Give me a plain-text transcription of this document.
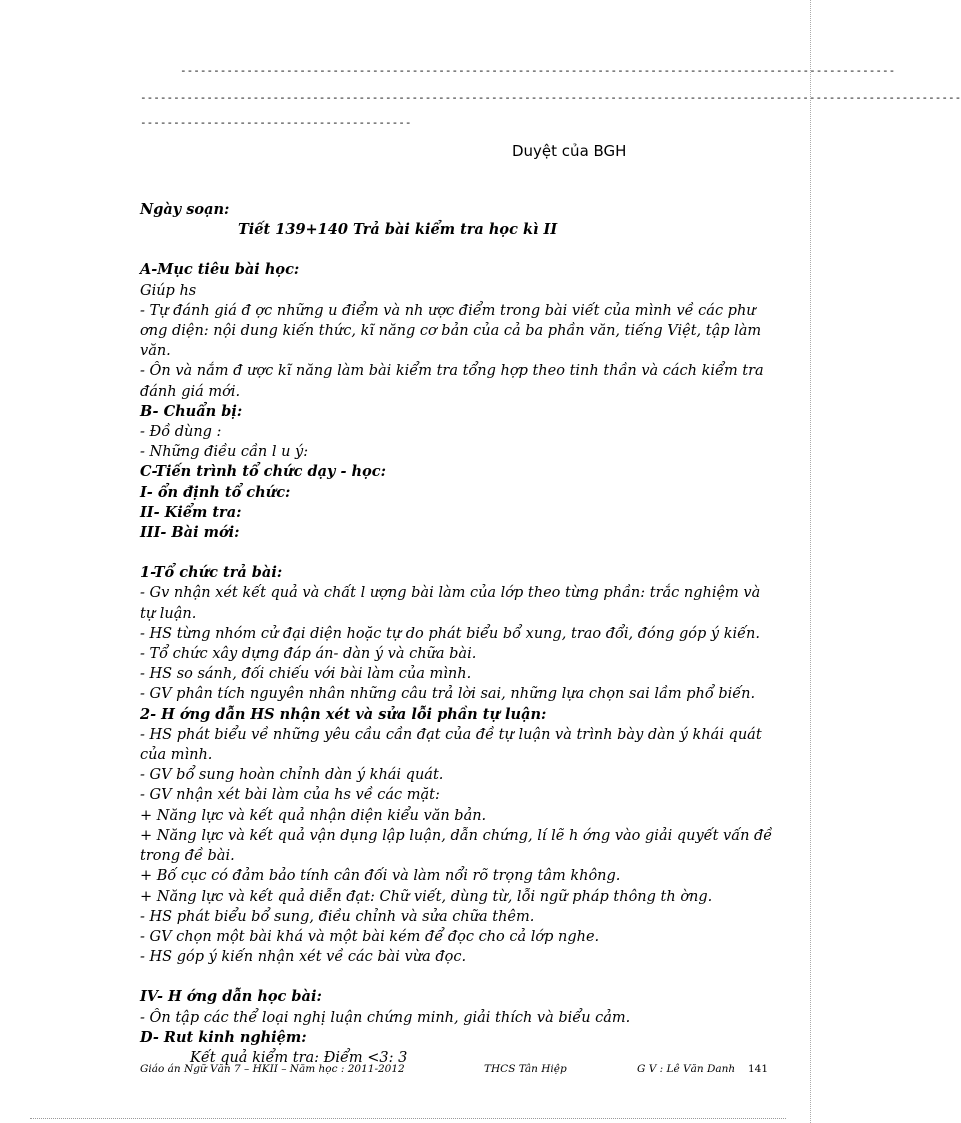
------------------------------------------------------------------------------------------------------------
----------------------------------------------------------------------------------------------------------------------------
-----------------------------------------
Duyệt của BGH

Ngày soạn:

Tiết 139+140 Trả bài kiểm tra học kì II

A-Mục tiêu bài học:

Giúp hs

- Tự đánh giá đ ợc những u điểm và nh ược điểm trong bài viết của mình về các phư ơng diện: nội dung kiến thức, kĩ năng cơ bản của cả ba phần văn, tiếng Việt, tập làm văn.

- Ôn và nắm đ ược kĩ năng làm bài kiểm tra tổng hợp theo tinh thần và cách kiểm tra đánh giá mới.

B- Chuẩn bị:

- Đồ dùng :

- Những điều cần l u ý:

C-Tiến trình tổ chức dạy - học:

I- ổn định tổ chức:

II- Kiểm tra:

III- Bài mới:

1-Tổ chức trả bài:

- Gv nhận xét kết quả và chất l ượng bài làm của lớp theo từng phần: trắc nghiệm và tự luận.

- HS từng nhóm cử đại diện hoặc tự do phát biểu bổ xung, trao đổi, đóng góp ý kiến.

- Tổ chức xây dựng đáp án- dàn ý và chữa bài.

- HS so sánh, đối chiếu với bài làm của mình.

- GV phân tích nguyên nhân những câu trả lời sai, những lựa chọn sai lầm phổ biến.

2- H ớng dẫn HS nhận xét và sửa lỗi phần tự luận:

- HS phát biểu về những yêu cầu cần đạt của đề tự luận và trình bày dàn ý khái quát của mình.

- GV bổ sung hoàn chỉnh dàn ý khái quát.

- GV nhận xét bài làm của hs về các mặt:

+ Năng lực và kết quả nhận diện kiểu văn bản.

+ Năng lực và kết quả vận dụng lập luận, dẫn chứng, lí lẽ h ớng vào giải quyết vấn đề trong đề bài.

+ Bố cục có đảm bảo tính cân đối và làm nổi rõ trọng tâm không.

+ Năng lực và kết quả diễn đạt: Chữ viết, dùng từ, lỗi ngữ pháp thông th ờng.

- HS phát biểu bổ sung, điều chỉnh và sửa chữa thêm.

- GV chọn một bài khá và một bài kém để đọc cho cả lớp nghe.

- HS góp ý kiến nhận xét về các bài vừa đọc.

IV- H ớng dẫn học bài:

- Ôn tập các thể loại nghị luận chứng minh, giải thích và biểu cảm.

D- Rut kinh nghiệm:

Kết quả kiểm tra: Điểm <3: 3

Giáo án Ngữ Văn 7 – HKII – Năm học : 2011-2012	THCS Tân Hiệp	G V : Lê Văn Danh 141
